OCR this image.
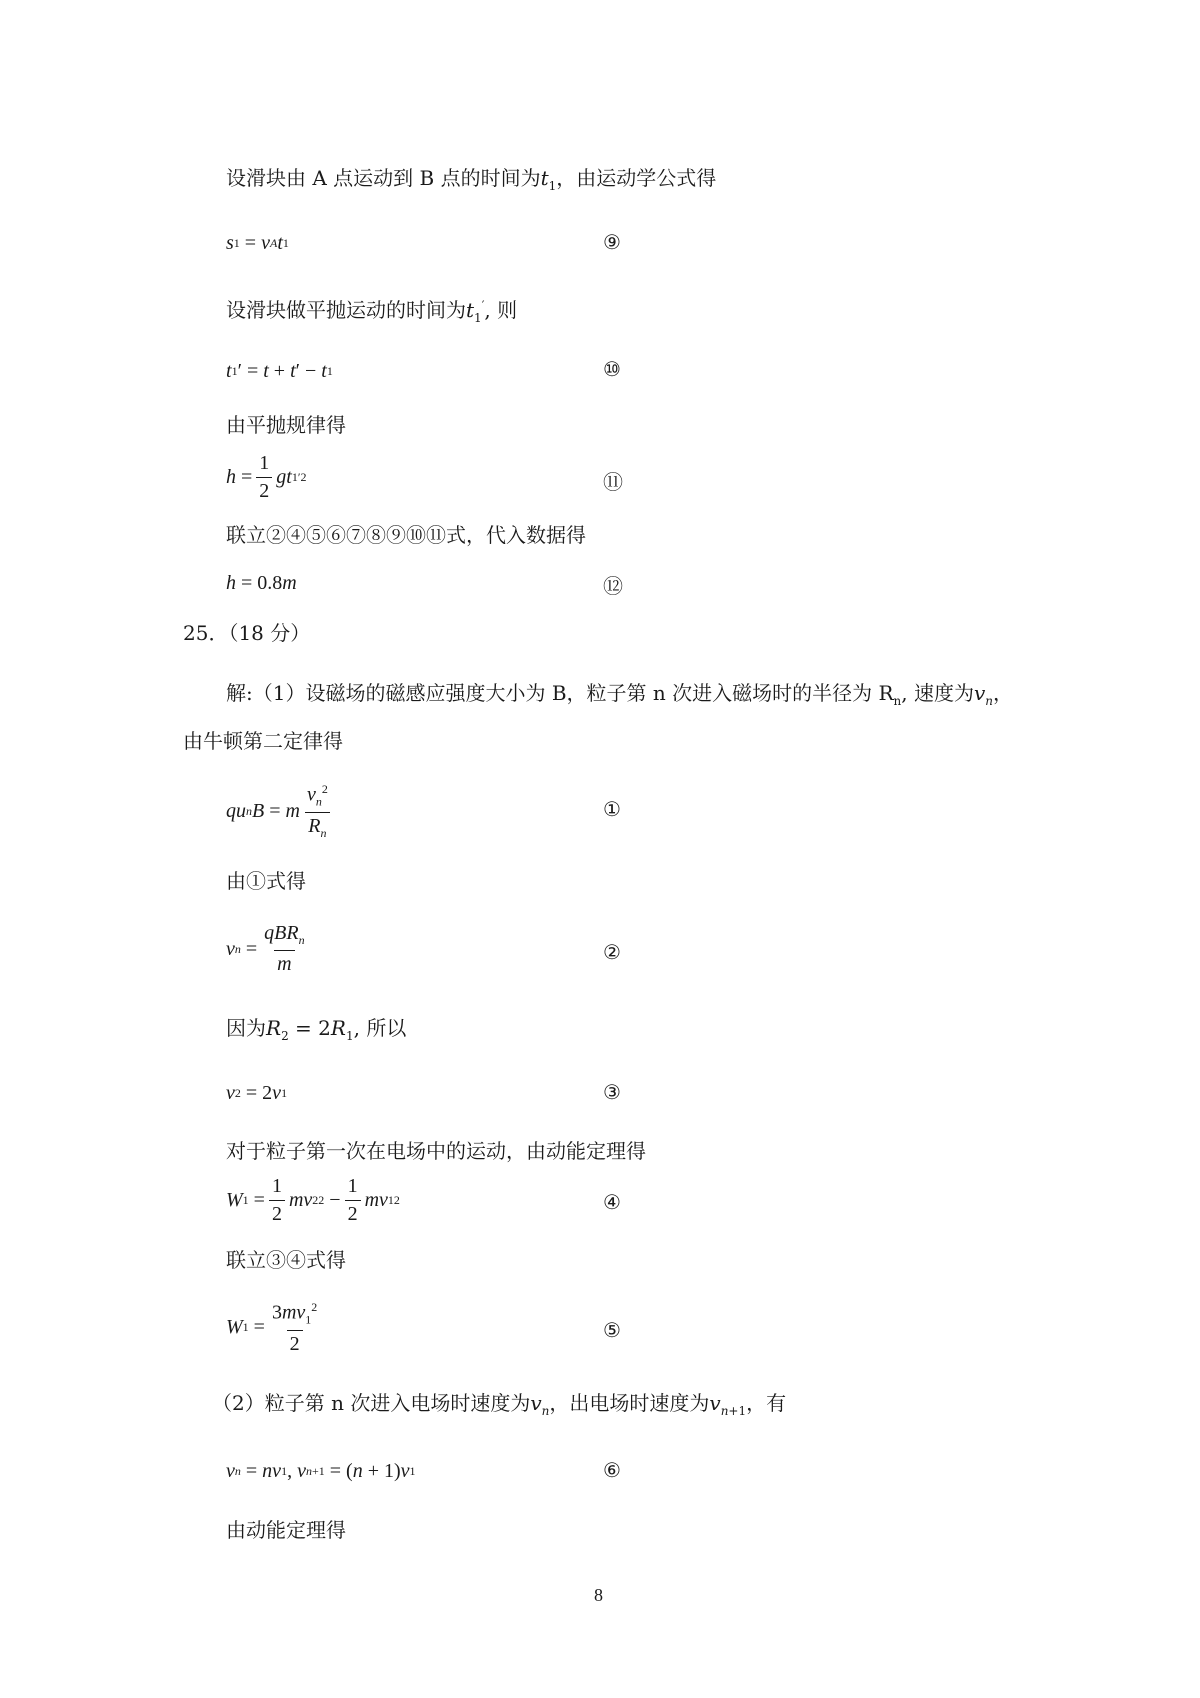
设滑块由 A 点运动到 B 点的时间为$t_1$，由运动学公式得
s 1 = v A t 1	⑨
设滑块做平抛运动的时间为$t_1'$, 则
t 1 ′ = t + t ′ − t 1	⑩
由平抛规律得
$h = \frac{1}{2}$ gt 1 ′2	⑪
联立②④⑤⑥⑦⑧⑨⑩⑪式，代入数据得
h = 0.8 m	⑫
25．（18 分）
解:（1）设磁场的磁感应强度大小为 B，粒子第 n 次进入磁场时的半径为 $R_n$, 速度为$v_n$，
由牛顿第二定律得
qu n B = m $\frac{v_n^2}{R_n}$	①
由①式得
v $n = \frac{qBR_n}{m}$	②
因为$R_2 = 2R_1$, 所以
v 2 = 2 v 1	③
对于粒子第一次在电场中的运动，由动能定理得
W $1 = \frac{1}{2}$ mv 2 $2 - \frac{1}{2}$ mv 1 2	④
联立③④式得
W $1 = \frac{3mv_1^2}{2}$	⑤
（2）粒子第 n 次进入电场时速度为$v_n$，出电场时速度为$v_{n+1}$，有
v n = nv 1 , v n+1 = ( n + 1) v 1	⑥
由动能定理得
8
